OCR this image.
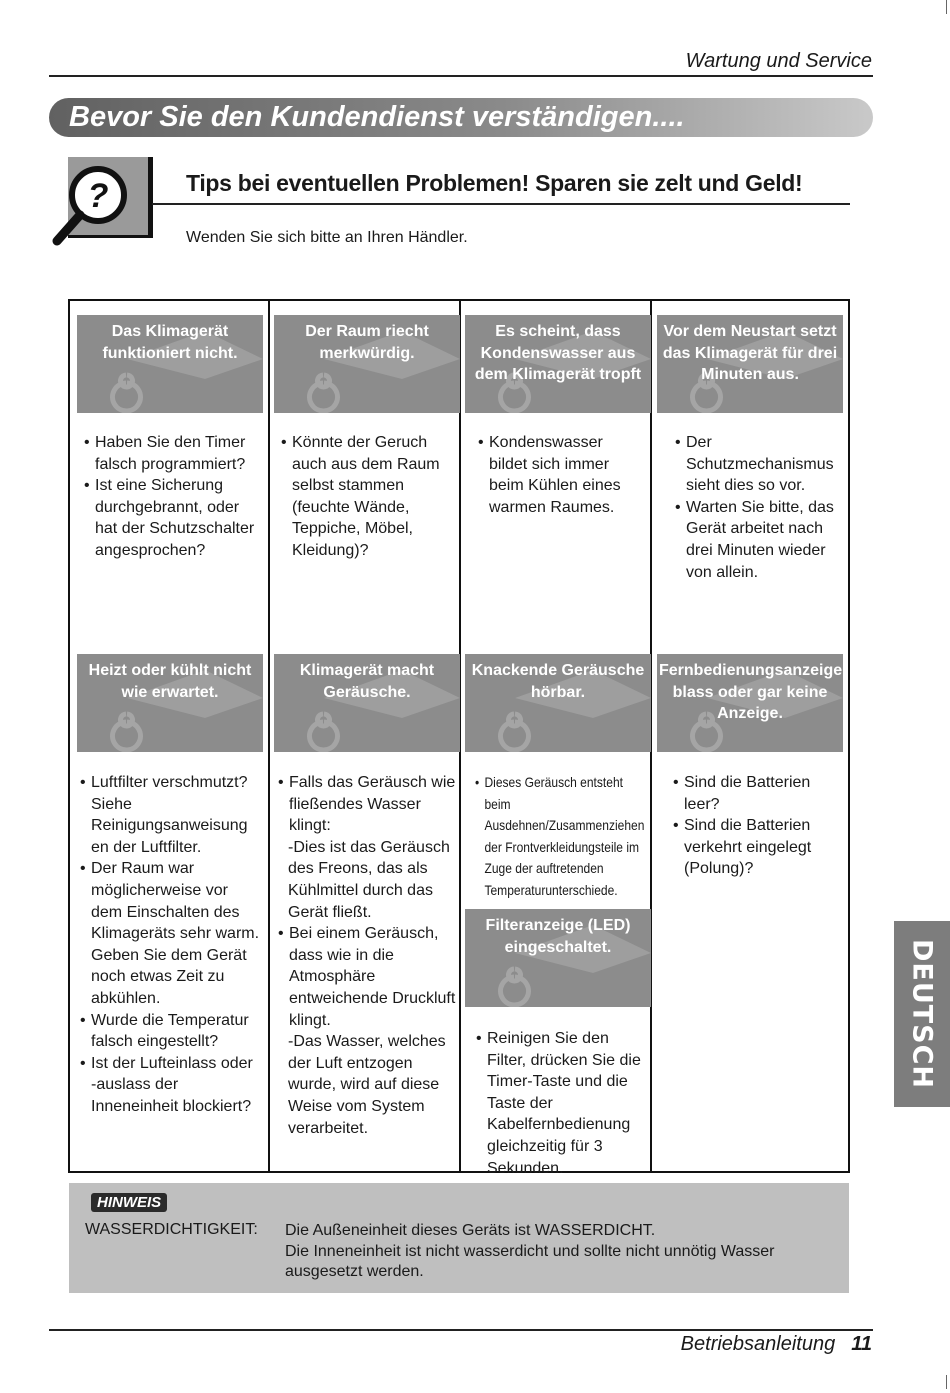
Wartung und Service
Bevor Sie den Kundendienst verständigen....
?	Tips bei eventuellen Problemen! Sparen sie zelt und Geld!
Wenden Sie sich bitte an Ihren Händler.
Das Klimagerät funktioniert nicht.
Der Raum riecht merkwürdig.
Es scheint, dass Kondenswasser aus dem Klimagerät tropft
Vor dem Neustart setzt das Klimagerät für drei Minuten aus.
• Haben Sie den Timer falsch programmiert?
• Ist eine Sicherung durchgebrannt, oder hat der Schutzschalter angesprochen?
• Könnte der Geruch auch aus dem Raum selbst stammen (feuchte Wände, Teppiche, Möbel, Kleidung)?
• Kondenswasser bildet sich immer beim Kühlen eines warmen Raumes.
• Der Schutzmechanismus sieht dies so vor.
• Warten Sie bitte, das Gerät arbeitet nach drei Minuten wieder von allein.
Heizt oder kühlt nicht wie erwartet.
Klimagerät macht Geräusche.
Knackende Geräusche hörbar.
Fernbedienungsanzeige blass oder gar keine Anzeige.
• Luftfilter verschmutzt? Siehe Reinigungsanweisung en der Luftfilter.
• Der Raum war möglicherweise vor dem Einschalten des Klimageräts sehr warm.
Geben Sie dem Gerät noch etwas Zeit zu abkühlen.
• Wurde die Temperatur falsch eingestellt?
• Ist der Lufteinlass oder -auslass der Inneneinheit blockiert?
• Falls das Geräusch wie fließendes Wasser klingt:
-Dies ist das Geräusch des Freons, das als Kühlmittel durch das Gerät fließt.
• Bei einem Geräusch, dass wie in die Atmosphäre entweichende Druckluft klingt.
-Das Wasser, welches der Luft entzogen wurde, wird auf diese Weise vom System verarbeitet.
• Dieses Geräusch entsteht beim Ausdehnen/Zusammenziehen der Frontverkleidungsteile im Zuge der auftretenden Temperaturunterschiede.
Filteranzeige (LED) eingeschaltet.
• Reinigen Sie den Filter, drücken Sie die Timer-Taste und die Taste der Kabelfernbedienung gleichzeitig für 3 Sekunden.
• Sind die Batterien leer?
• Sind die Batterien verkehrt eingelegt (Polung)?
HINWEIS
WASSERDICHTIGKEIT: Die Außeneinheit dieses Geräts ist WASSERDICHT.
Die Inneneinheit ist nicht wasserdicht und sollte nicht unnötig Wasser ausgesetzt werden.
Betriebsanleitung 11
DEUTSCH
